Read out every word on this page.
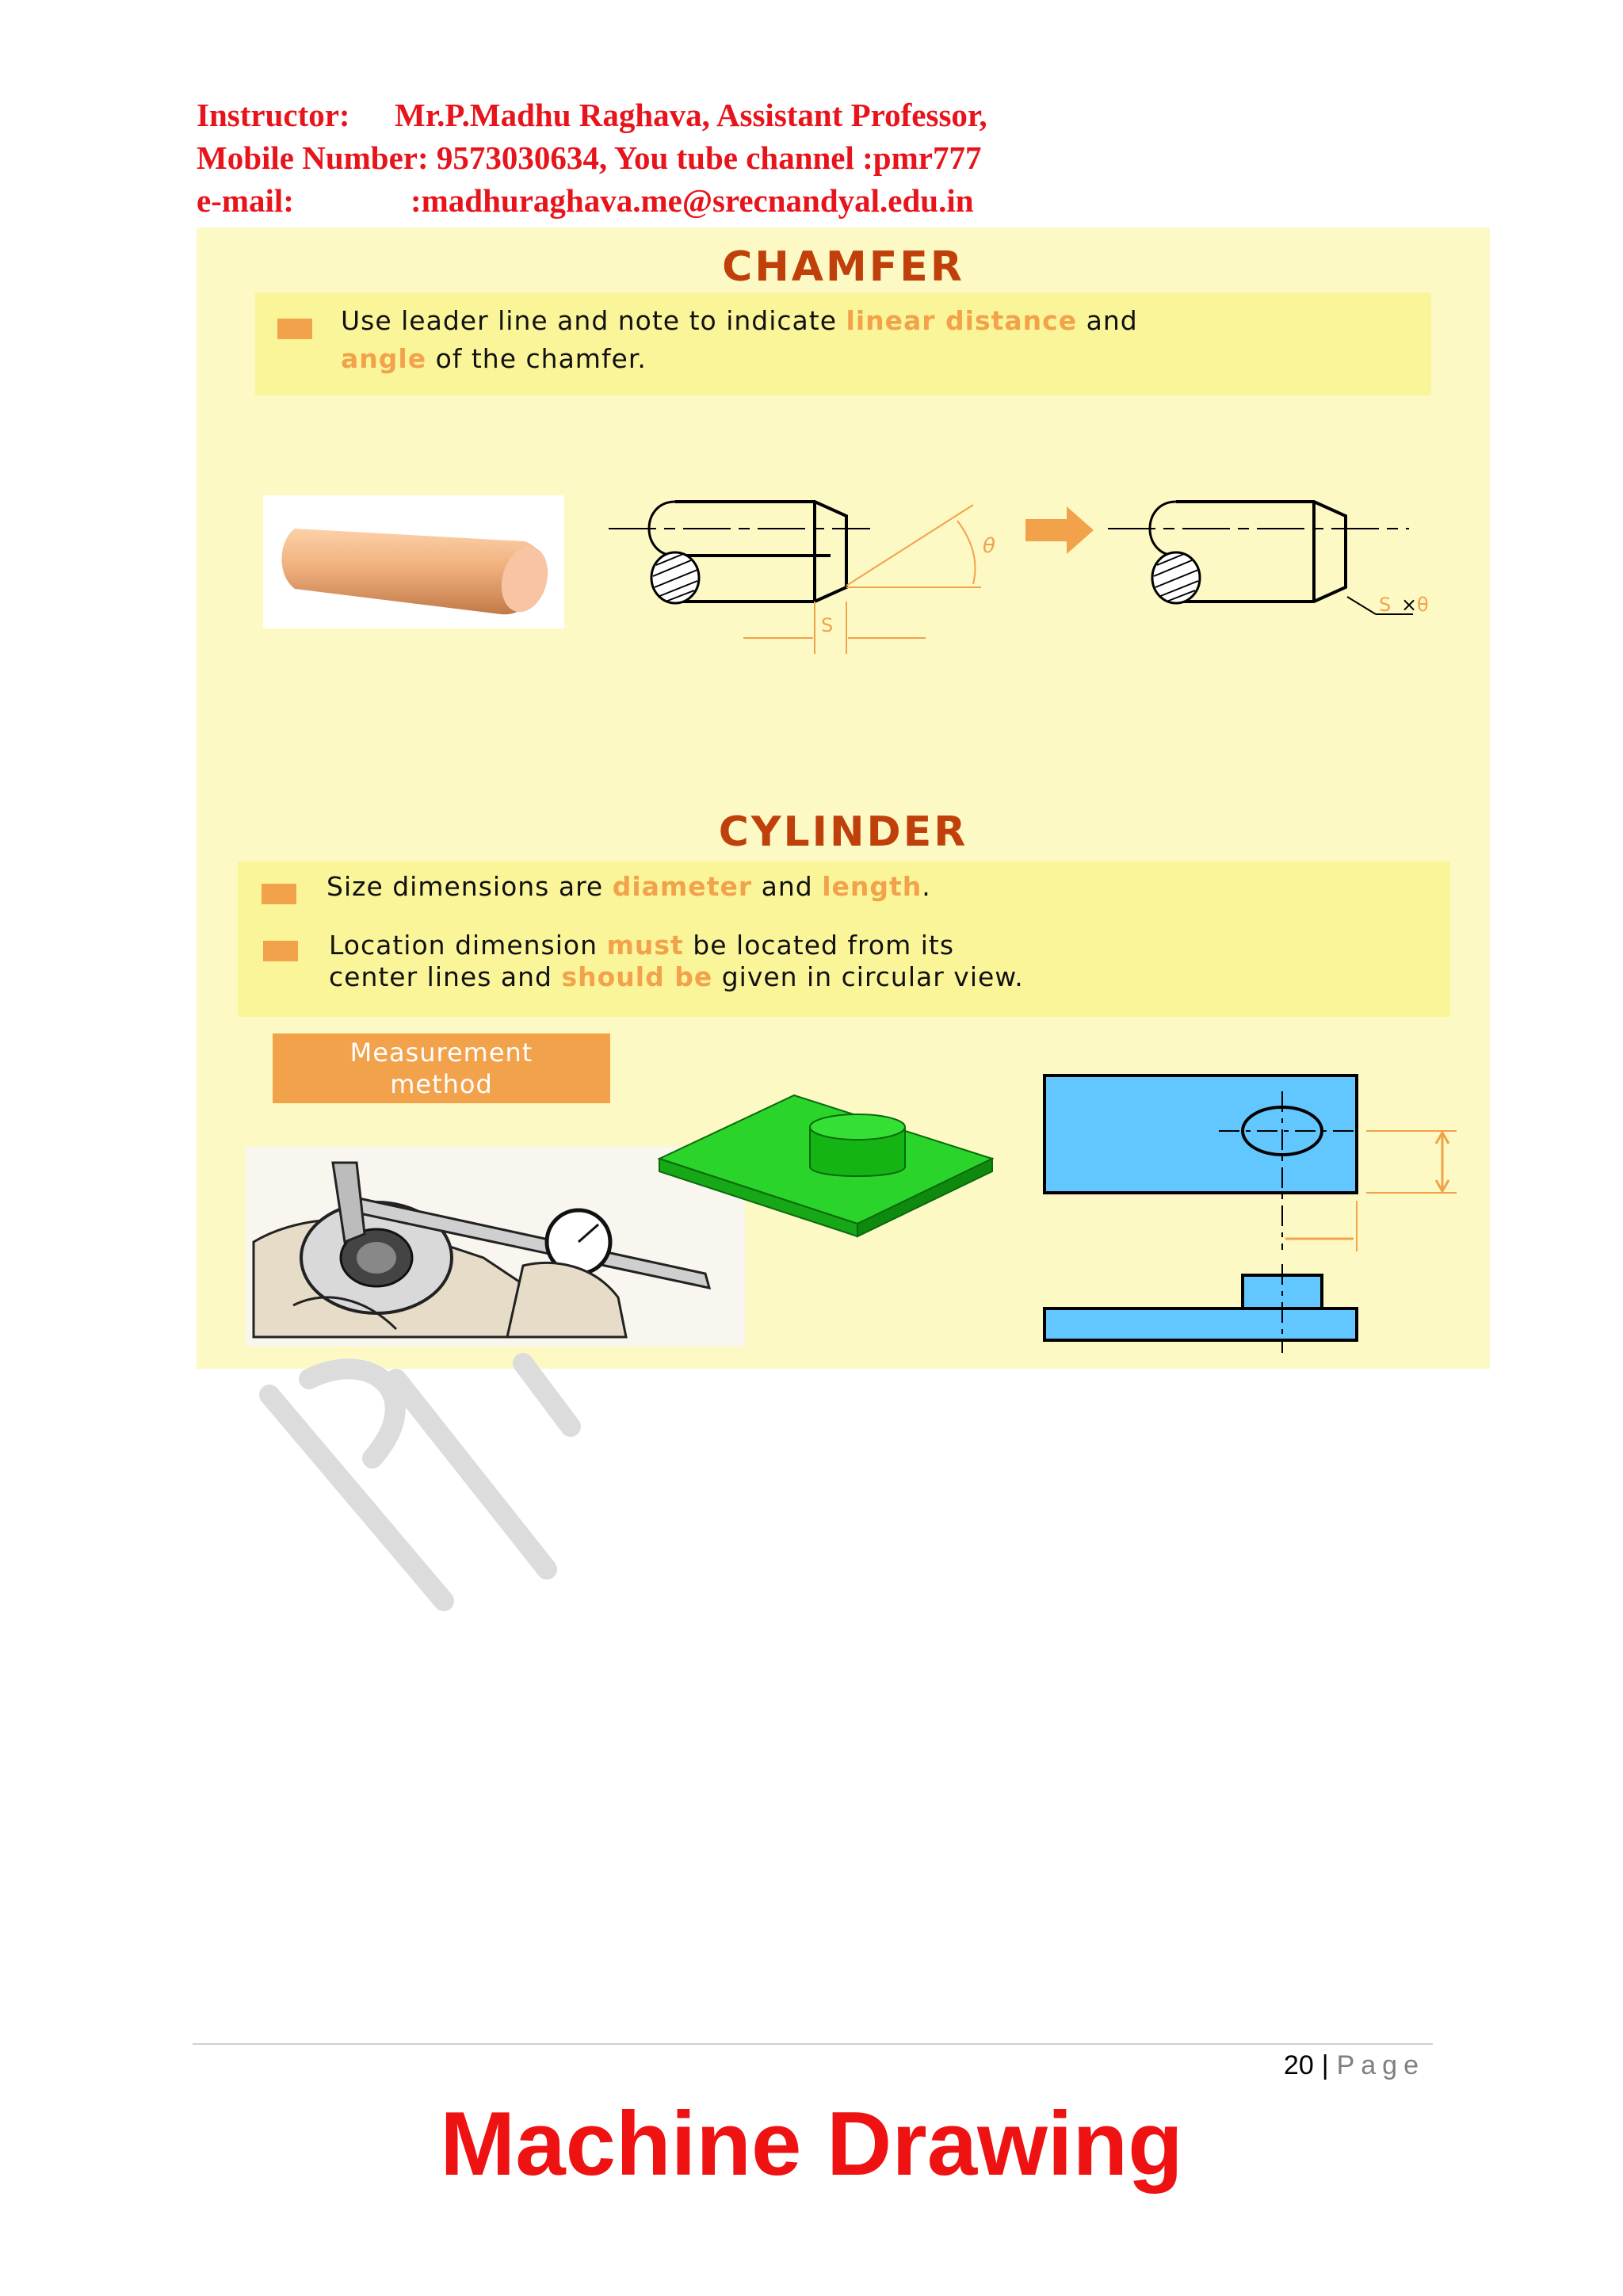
Instructor:	Mr.P.Madhu Raghava, Assistant Professor,
Mobile Number: 9573030634, You tube channel :pmr777
e-mail:	:madhuraghava.me@srecnandyal.edu.in
CHAMFER
Use leader line and note to indicate linear distance and
angle of the chamfer.
θ
S
S × θ
CYLINDER
Size dimensions are diameter and length.
Location dimension must be located from its
center lines and should be given in circular view.
Measurement
method
20 | Page
Machine Drawing
